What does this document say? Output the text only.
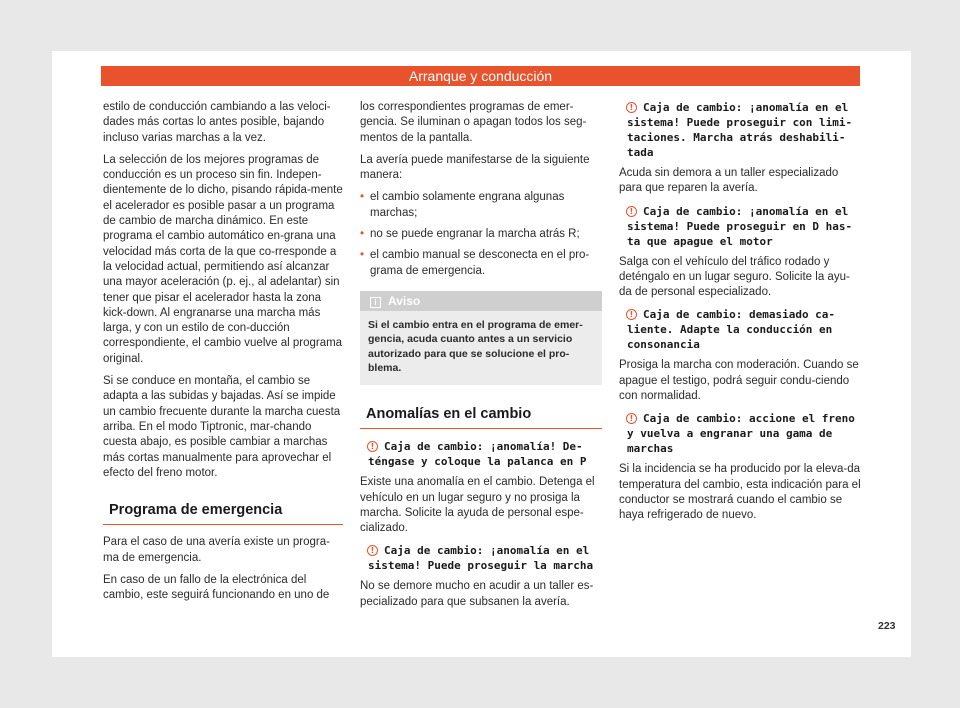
Arranque y conducción

estilo de conducción cambiando a las veloci-dades más cortas lo antes posible, bajando incluso varias marchas a la vez.

La selección de los mejores programas de conducción es un proceso sin fin. Indepen-dientemente de lo dicho, pisando rápida-mente el acelerador es posible pasar a un programa de cambio de marcha dinámico. En este programa el cambio automático en-grana una velocidad más corta de la que co-rresponde a la velocidad actual, permitiendo así alcanzar una mayor aceleración (p. ej., al adelantar) sin tener que pisar el acelerador hasta la zona kick-down. Al engranarse una marcha más larga, y con un estilo de con-ducción correspondiente, el cambio vuelve al programa original.

Si se conduce en montaña, el cambio se adapta a las subidas y bajadas. Así se impide un cambio frecuente durante la marcha cuesta arriba. En el modo Tiptronic, mar-chando cuesta abajo, es posible cambiar a marchas más cortas manualmente para aprovechar el efecto del freno motor.

Programa de emergencia

Para el caso de una avería existe un progra-ma de emergencia.

En caso de un fallo de la electrónica del cambio, este seguirá funcionando en uno de

los correspondientes programas de emer-gencia. Se iluminan o apagan todos los seg-mentos de la pantalla.

La avería puede manifestarse de la siguiente manera:

• el cambio solamente engrana algunas marchas;
• no se puede engranar la marcha atrás R;
• el cambio manual se desconecta en el pro-grama de emergencia.
i Aviso
Si el cambio entra en el programa de emer-gencia, acuda cuanto antes a un servicio autorizado para que se solucione el pro-blema.
Anomalías en el cambio
! Caja de cambio: ¡anomalía! De-téngase y coloque la palanca en P

Existe una anomalía en el cambio. Detenga el vehículo en un lugar seguro y no prosiga la marcha. Solicite la ayuda de personal espe-cializado.

! Caja de cambio: ¡anomalía en el sistema! Puede proseguir la marcha

No se demore mucho en acudir a un taller es-pecializado para que subsanen la avería.

! Caja de cambio: ¡anomalía en el sistema! Puede proseguir con limi-taciones. Marcha atrás deshabili-tada

Acuda sin demora a un taller especializado para que reparen la avería.

! Caja de cambio: ¡anomalía en el sistema! Puede proseguir en D has-ta que apague el motor

Salga con el vehículo del tráfico rodado y deténgalo en un lugar seguro. Solicite la ayu-da de personal especializado.

! Caja de cambio: demasiado ca-liente. Adapte la conducción en consonancia

Prosiga la marcha con moderación. Cuando se apague el testigo, podrá seguir condu-ciendo con normalidad.

! Caja de cambio: accione el freno y vuelva a engranar una gama de marchas

Si la incidencia se ha producido por la eleva-da temperatura del cambio, esta indicación para el conductor se mostrará cuando el cambio se haya refrigerado de nuevo.

223
